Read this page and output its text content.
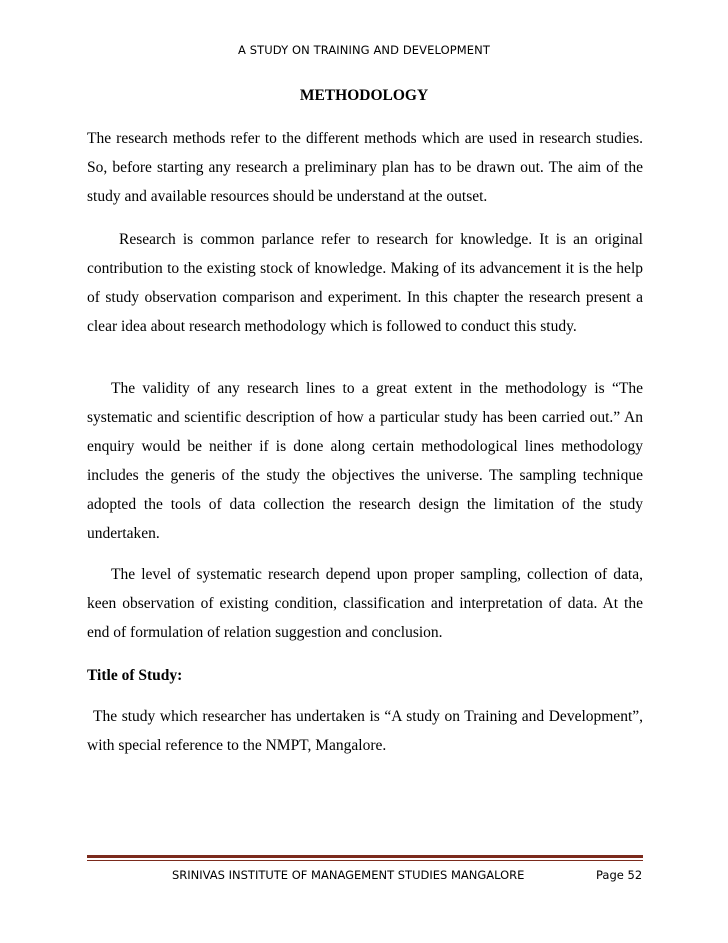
A STUDY ON TRAINING AND DEVELOPMENT
METHODOLOGY

The research methods refer to the different methods which are used in research studies. So, before starting any research a preliminary plan has to be drawn out. The aim of the study and available resources should be understand at the outset.

Research is common parlance refer to research for knowledge. It is an original contribution to the existing stock of knowledge. Making of its advancement it is the help of study observation comparison and experiment. In this chapter the research present a clear idea about research methodology which is followed to conduct this study.

The validity of any research lines to a great extent in the methodology is “The systematic and scientific description of how a particular study has been carried out.” An enquiry would be neither if is done along certain methodological lines methodology includes the generis of the study the objectives the universe. The sampling technique adopted the tools of data collection the research design the limitation of the study undertaken.

The level of systematic research depend upon proper sampling, collection of data, keen observation of existing condition, classification and interpretation of data. At the end of formulation of relation suggestion and conclusion.

Title of Study:

The study which researcher has undertaken is “A study on Training and Development”, with special reference to the NMPT, Mangalore.

SRINIVAS INSTITUTE OF MANAGEMENT STUDIES MANGALORE	Page 52
